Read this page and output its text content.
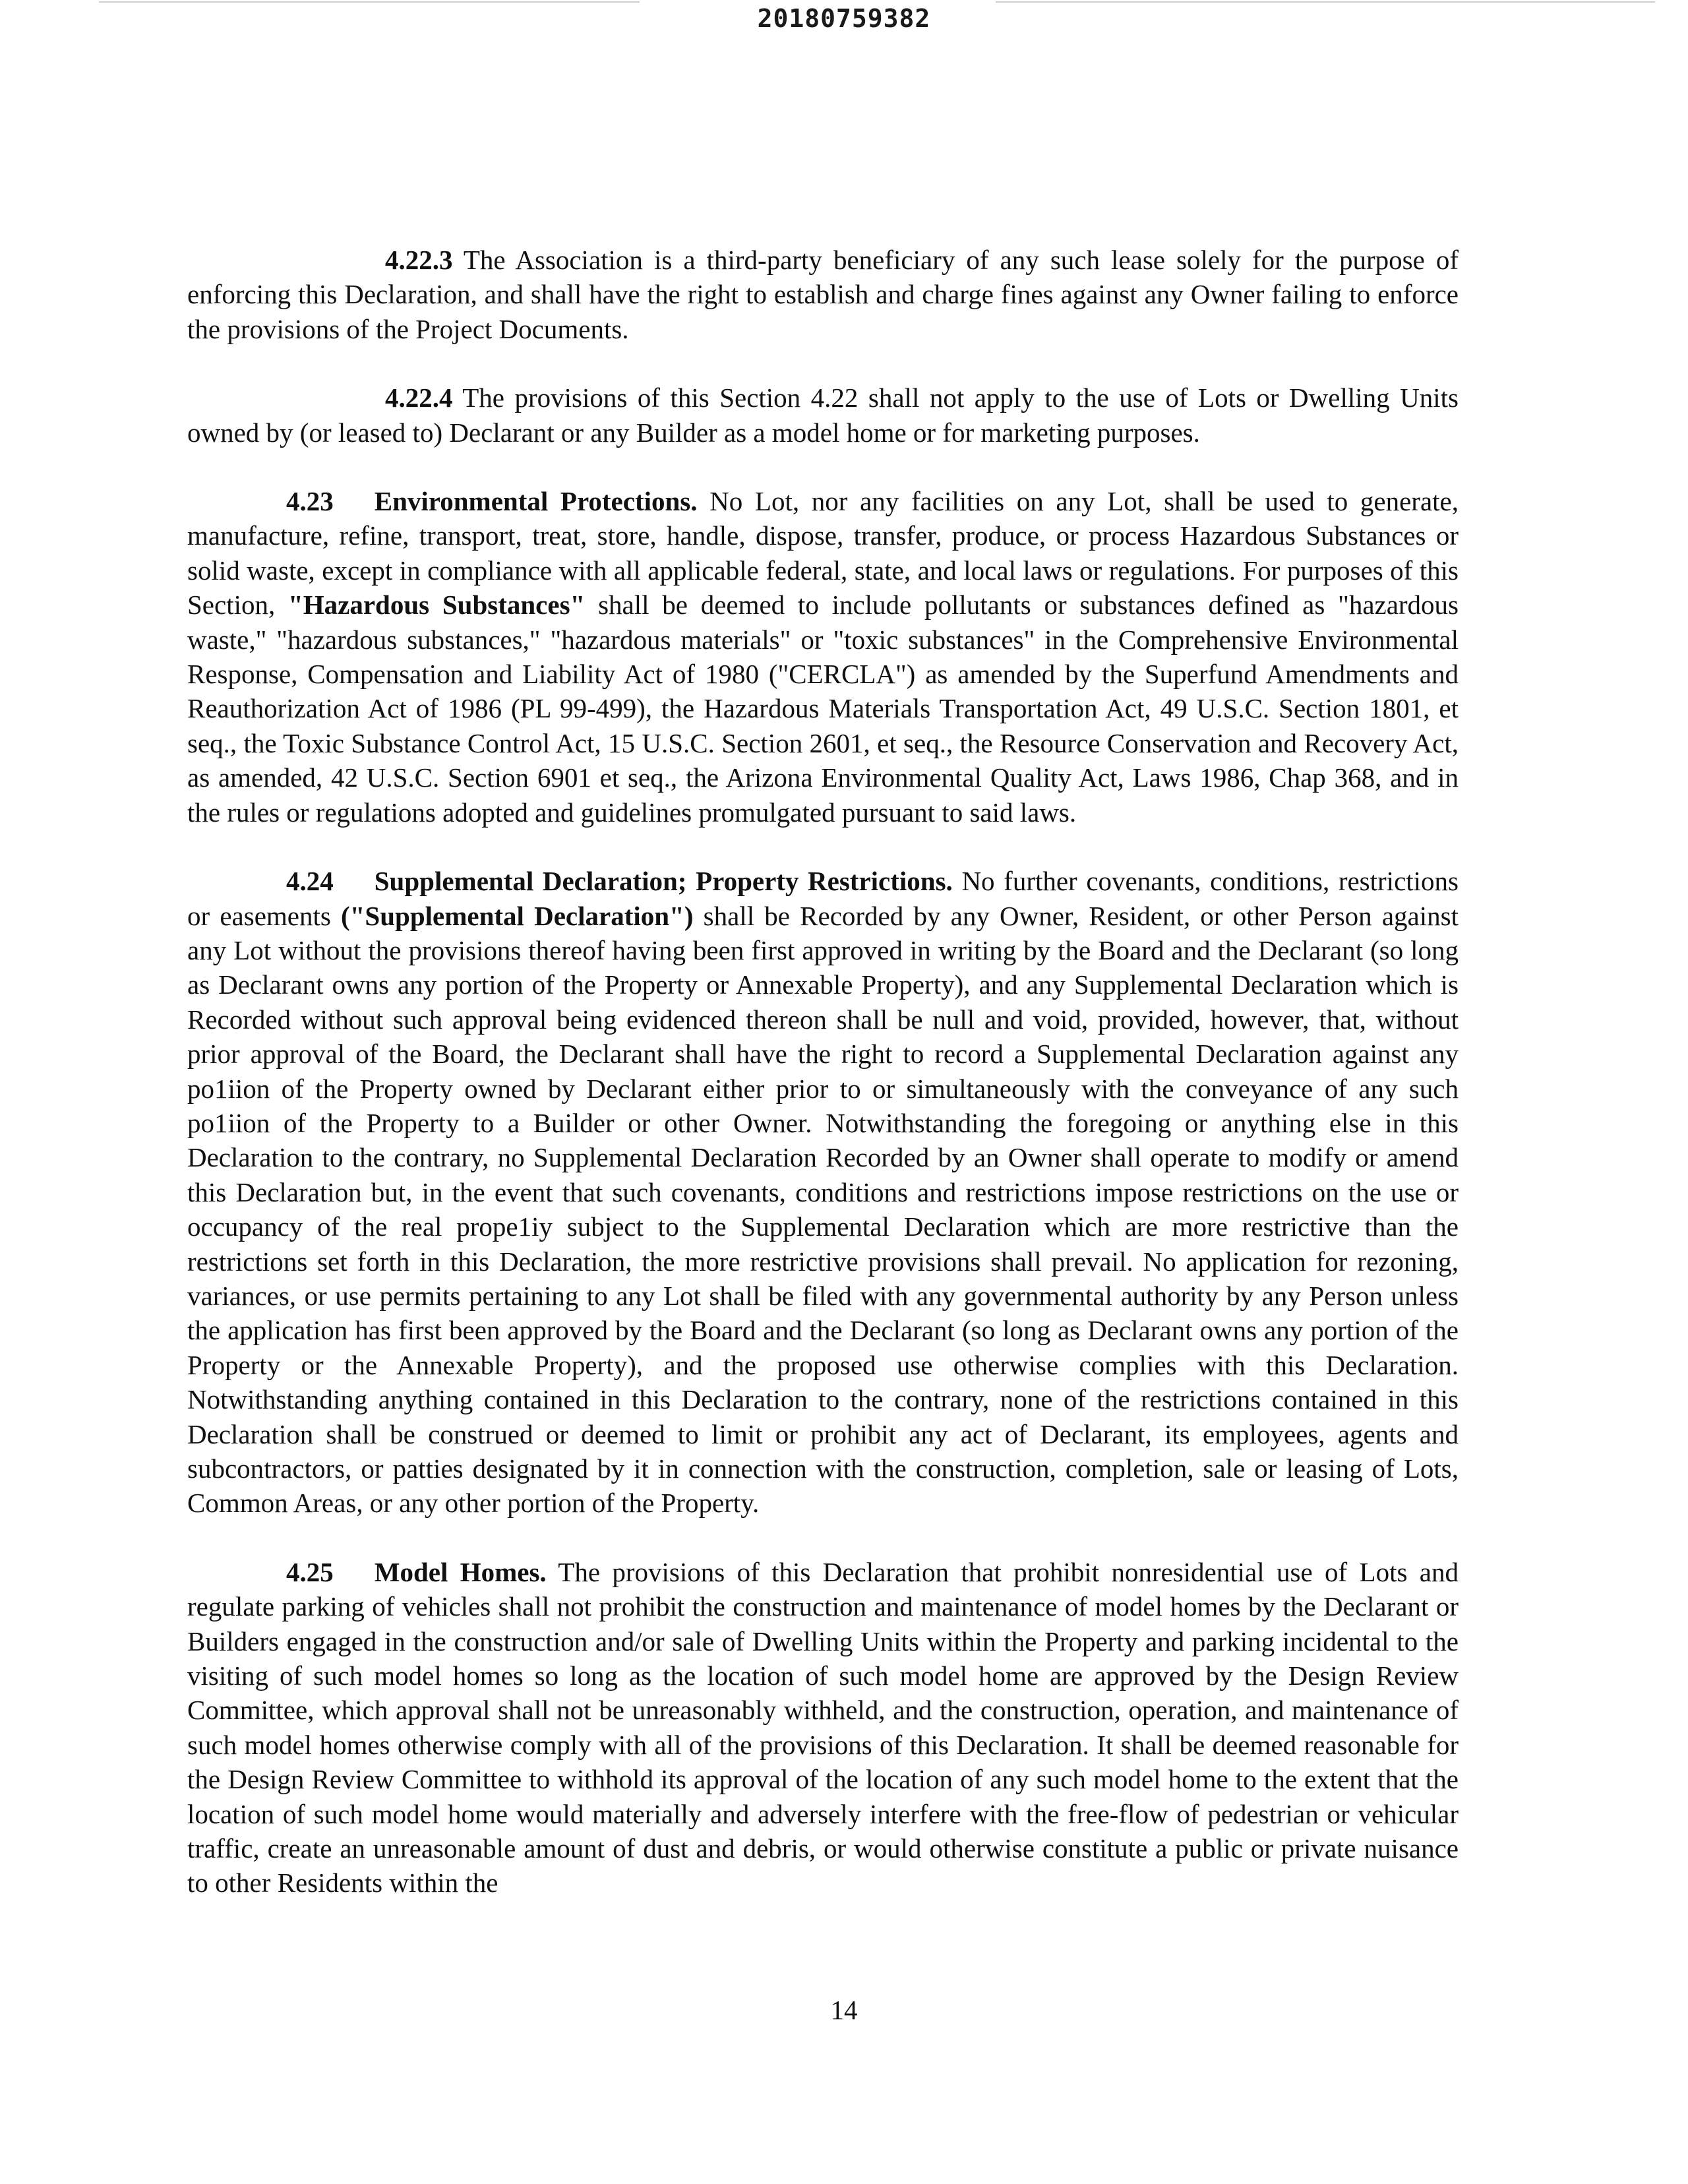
20180759382

4.22.3 The Association is a third-party beneficiary of any such lease solely for the purpose of enforcing this Declaration, and shall have the right to establish and charge fines against any Owner failing to enforce the provisions of the Project Documents.

4.22.4 The provisions of this Section 4.22 shall not apply to the use of Lots or Dwelling Units owned by (or leased to) Declarant or any Builder as a model home or for marketing purposes.

4.23 Environmental Protections. No Lot, nor any facilities on any Lot, shall be used to generate, manufacture, refine, transport, treat, store, handle, dispose, transfer, produce, or process Hazardous Substances or solid waste, except in compliance with all applicable federal, state, and local laws or regulations. For purposes of this Section, "Hazardous Substances" shall be deemed to include pollutants or substances defined as "hazardous waste," "hazardous substances," "hazardous materials" or "toxic substances" in the Comprehensive Environmental Response, Compensation and Liability Act of 1980 ("CERCLA") as amended by the Superfund Amendments and Reauthorization Act of 1986 (PL 99-499), the Hazardous Materials Transportation Act, 49 U.S.C. Section 1801, et seq., the Toxic Substance Control Act, 15 U.S.C. Section 2601, et seq., the Resource Conservation and Recovery Act, as amended, 42 U.S.C. Section 6901 et seq., the Arizona Environmental Quality Act, Laws 1986, Chap 368, and in the rules or regulations adopted and guidelines promulgated pursuant to said laws.

4.24 Supplemental Declaration; Property Restrictions. No further covenants, conditions, restrictions or easements ("Supplemental Declaration") shall be Recorded by any Owner, Resident, or other Person against any Lot without the provisions thereof having been first approved in writing by the Board and the Declarant (so long as Declarant owns any portion of the Property or Annexable Property), and any Supplemental Declaration which is Recorded without such approval being evidenced thereon shall be null and void, provided, however, that, without prior approval of the Board, the Declarant shall have the right to record a Supplemental Declaration against any po1iion of the Property owned by Declarant either prior to or simultaneously with the conveyance of any such po1iion of the Property to a Builder or other Owner. Notwithstanding the foregoing or anything else in this Declaration to the contrary, no Supplemental Declaration Recorded by an Owner shall operate to modify or amend this Declaration but, in the event that such covenants, conditions and restrictions impose restrictions on the use or occupancy of the real prope1iy subject to the Supplemental Declaration which are more restrictive than the restrictions set forth in this Declaration, the more restrictive provisions shall prevail. No application for rezoning, variances, or use permits pertaining to any Lot shall be filed with any governmental authority by any Person unless the application has first been approved by the Board and the Declarant (so long as Declarant owns any portion of the Property or the Annexable Property), and the proposed use otherwise complies with this Declaration. Notwithstanding anything contained in this Declaration to the contrary, none of the restrictions contained in this Declaration shall be construed or deemed to limit or prohibit any act of Declarant, its employees, agents and subcontractors, or patties designated by it in connection with the construction, completion, sale or leasing of Lots, Common Areas, or any other portion of the Property.

4.25 Model Homes. The provisions of this Declaration that prohibit nonresidential use of Lots and regulate parking of vehicles shall not prohibit the construction and maintenance of model homes by the Declarant or Builders engaged in the construction and/or sale of Dwelling Units within the Property and parking incidental to the visiting of such model homes so long as the location of such model home are approved by the Design Review Committee, which approval shall not be unreasonably withheld, and the construction, operation, and maintenance of such model homes otherwise comply with all of the provisions of this Declaration. It shall be deemed reasonable for the Design Review Committee to withhold its approval of the location of any such model home to the extent that the location of such model home would materially and adversely interfere with the free-flow of pedestrian or vehicular traffic, create an unreasonable amount of dust and debris, or would otherwise constitute a public or private nuisance to other Residents within the

14
